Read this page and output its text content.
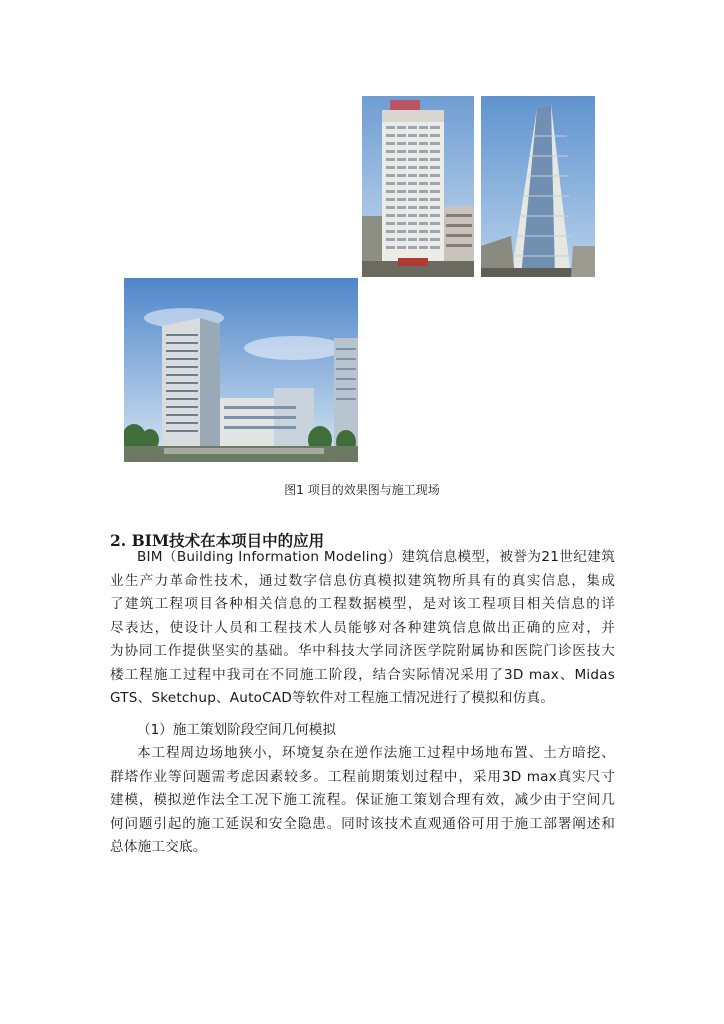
图1 项目的效果图与施工现场
2. BIM技术在本项目中的应用
BIM（Building Information Modeling）建筑信息模型，被誉为21世纪建筑
业生产力革命性技术，通过数字信息仿真模拟建筑物所具有的真实信息，集成
了建筑工程项目各种相关信息的工程数据模型，是对该工程项目相关信息的详
尽表达，使设计人员和工程技术人员能够对各种建筑信息做出正确的应对，并
为协同工作提供坚实的基础。华中科技大学同济医学院附属协和医院门诊医技大
楼工程施工过程中我司在不同施工阶段，结合实际情况采用了3D max、Midas
GTS、Sketchup、AutoCAD等软件对工程施工情况进行了模拟和仿真。
（1）施工策划阶段空间几何模拟
本工程周边场地狭小，环境复杂在逆作法施工过程中场地布置、土方暗挖、
群塔作业等问题需考虑因素较多。工程前期策划过程中，采用3D max真实尺寸
建模，模拟逆作法全工况下施工流程。保证施工策划合理有效，减少由于空间几
何问题引起的施工延误和安全隐患。同时该技术直观通俗可用于施工部署阐述和
总体施工交底。
